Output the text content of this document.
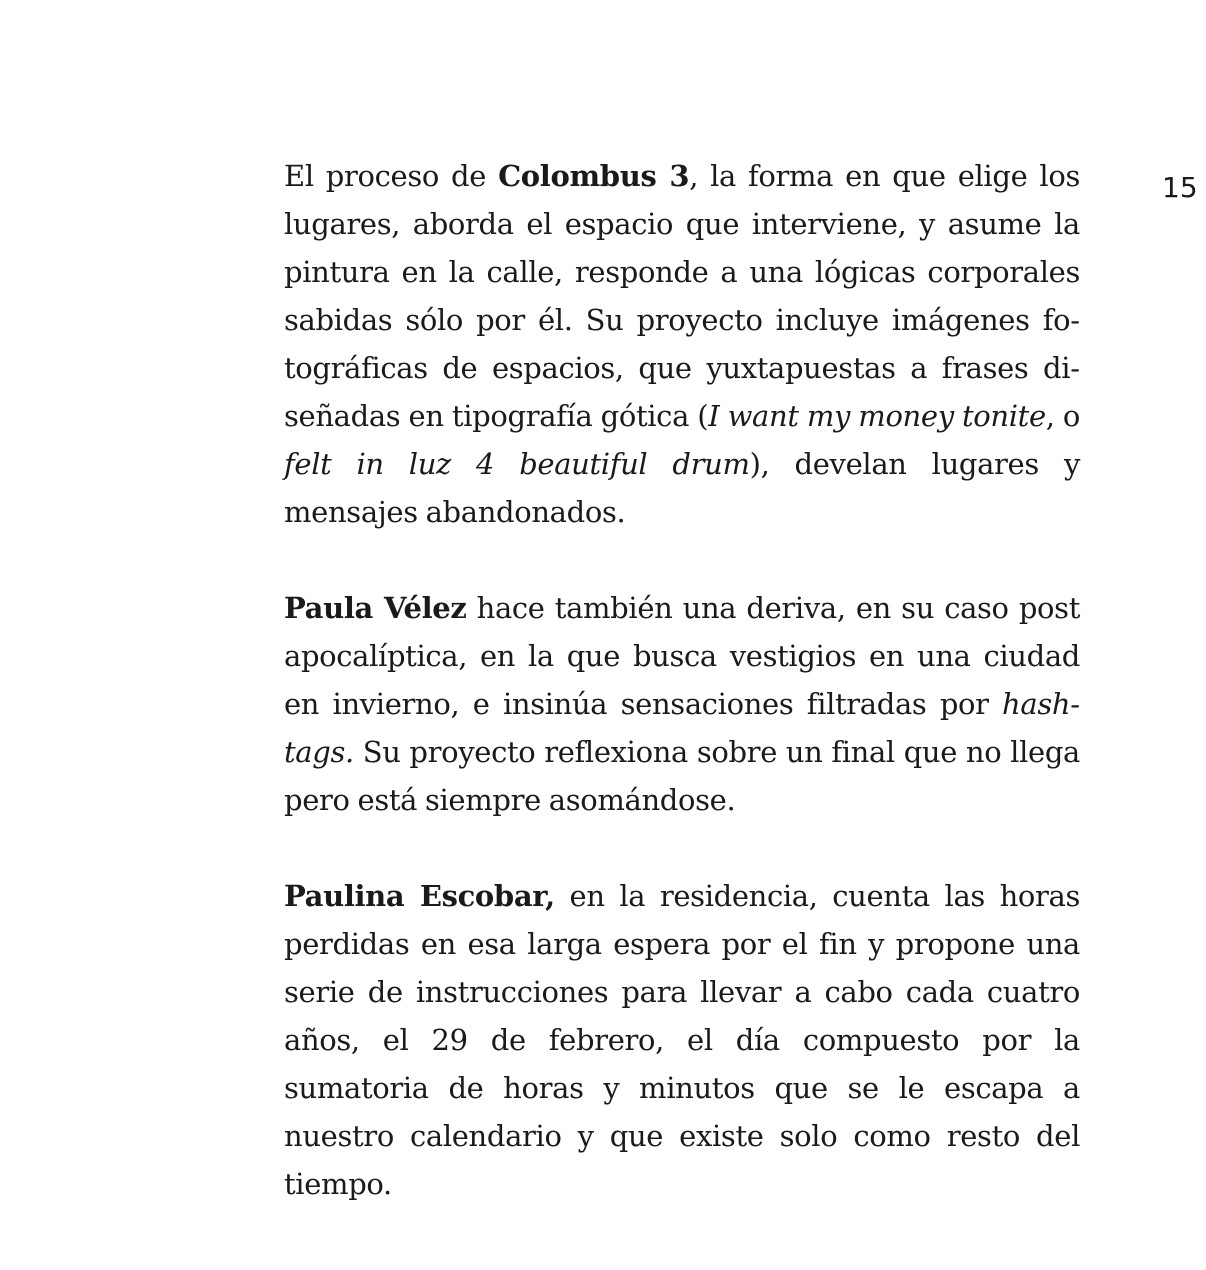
15

El proceso de Colombus 3, la forma en que elige los lugares, aborda el espacio que interviene, y asume la pintura en la calle, responde a una lógicas corporales sabidas sólo por él. Su proyecto incluye imágenes fotográficas de espacios, que yuxtapuestas a frases diseñadas en tipografía gótica (I want my money tonite, o felt in luz 4 beautiful drum), develan lugares y mensajes abandonados.

Paula Vélez hace también una deriva, en su caso post apocalíptica, en la que busca vestigios en una ciudad en invierno, e insinúa sensaciones filtradas por hashtags. Su proyecto reflexiona sobre un final que no llega pero está siempre asomándose.

Paulina Escobar, en la residencia, cuenta las horas perdidas en esa larga espera por el fin y propone una serie de instrucciones para llevar a cabo cada cuatro años, el 29 de febrero, el día compuesto por la sumatoria de horas y minutos que se le escapa a nuestro calendario y que existe solo como resto del tiempo.
